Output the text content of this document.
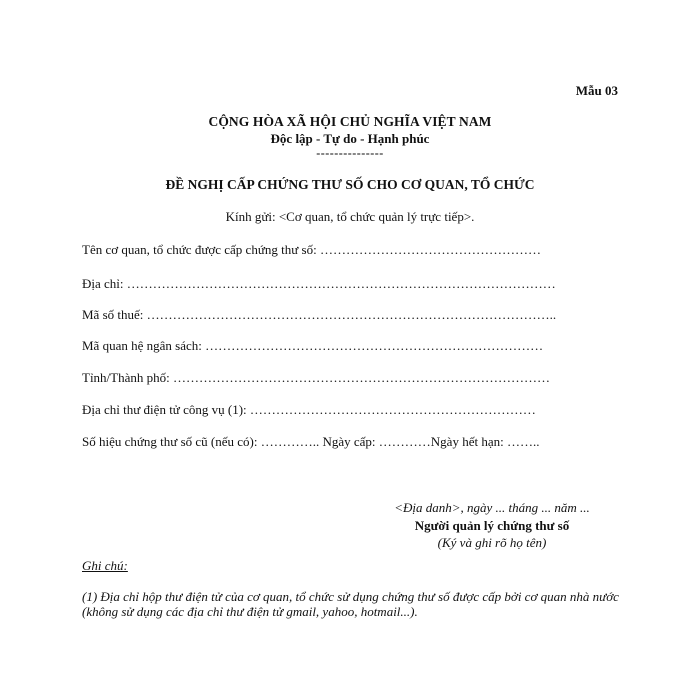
Mẫu 03
CỘNG HÒA XÃ HỘI CHỦ NGHĨA VIỆT NAM
Độc lập - Tự do - Hạnh phúc
---------------
ĐỀ NGHỊ CẤP CHỨNG THƯ SỐ CHO CƠ QUAN, TỔ CHỨC
Kính gửi: <Cơ quan, tổ chức quản lý trực tiếp>.
Tên cơ quan, tổ chức được cấp chứng thư số: ……………………………………………
Địa chỉ: ………………………………………………………………………………………
Mã số thuế: …………………………………………………………………………………..
Mã quan hệ ngân sách: ……………………………………………………………………
Tỉnh/Thành phố: ……………………………………………………………………………
Địa chỉ thư điện tử công vụ (1): …………………………………………………………
Số hiệu chứng thư số cũ (nếu có): ………….. Ngày cấp: …………Ngày hết hạn: ……..
<Địa danh>, ngày ... tháng ... năm ...
Người quản lý chứng thư số
(Ký và ghi rõ họ tên)
Ghi chú:
(1) Địa chỉ hộp thư điện tử của cơ quan, tổ chức sử dụng chứng thư số được cấp bởi cơ quan nhà nước (không sử dụng các địa chỉ thư điện tử gmail, yahoo, hotmail...).
